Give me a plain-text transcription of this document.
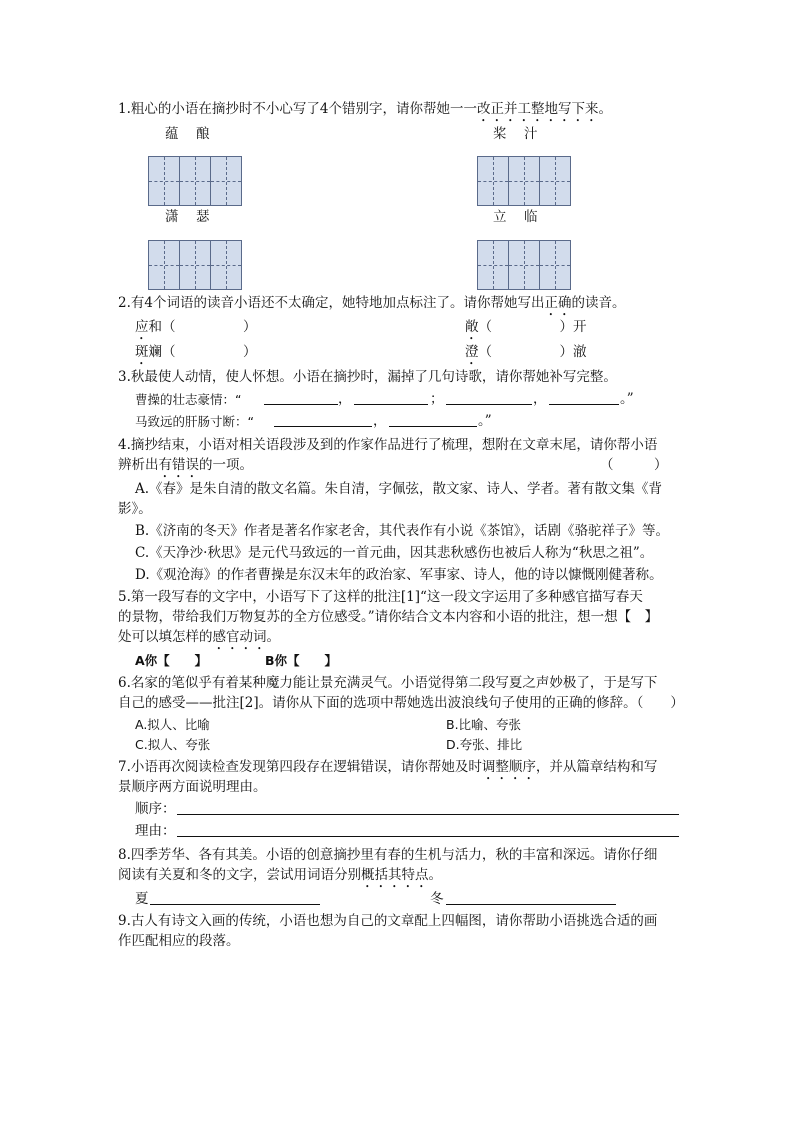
1.粗心的小语在摘抄时不小心写了4个错别字，请你帮她一一改正并工整地写下来。
蕴　酿	桨　汁
潇　瑟	立　临
2.有4个词语的读音小语还不太确定，她特地加点标注了。请你帮她写出正确的读音。
应和（　　　　　）	敞（　　　　　）开
斑斓（　　　　　）	澄（　　　　　）澈
3.秋最使人动情，使人怀想。小语在摘抄时，漏掉了几句诗歌，请你帮她补写完整。
曹操的壮志豪情：“	，	；	，	。”
马致远的肝肠寸断：“	，	。”
4.摘抄结束，小语对相关语段涉及到的作家作品进行了梳理，想附在文章末尾，请你帮小语
辨析出有错误的一项。	（　　　）
A.《春》是朱自清的散文名篇。朱自清，字佩弦，散文家、诗人、学者。著有散文集《背
影》。
B.《济南的冬天》作者是著名作家老舍，其代表作有小说《茶馆》，话剧《骆驼祥子》等。
C.《天净沙·秋思》是元代马致远的一首元曲，因其悲秋感伤也被后人称为“秋思之祖”。
D.《观沧海》的作者曹操是东汉末年的政治家、军事家、诗人，他的诗以慷慨刚健著称。
5.第一段写春的文字中，小语写下了这样的批注[1]“这一段文字运用了多种感官描写春天
的景物，带给我们万物复苏的全方位感受。”请你结合文本内容和小语的批注，想一想【　】
处可以填怎样的感官动词。
A你【　　】	B你【　　】
6.名家的笔似乎有着某种魔力能让景充满灵气。小语觉得第二段写夏之声妙极了，于是写下
自己的感受——批注[2]。请你从下面的选项中帮她选出波浪线句子使用的正确的修辞。（　　）
A.拟人、比喻	B.比喻、夸张
C.拟人、夸张	D.夸张、排比
7.小语再次阅读检查发现第四段存在逻辑错误，请你帮她及时调整顺序，并从篇章结构和写
景顺序两方面说明理由。
顺序：
理由：
8.四季芳华、各有其美。小语的创意摘抄里有春的生机与活力，秋的丰富和深远。请你仔细
阅读有关夏和冬的文字，尝试用词语分别概括其特点。
夏	冬
9.古人有诗文入画的传统，小语也想为自己的文章配上四幅图，请你帮助小语挑选合适的画
作匹配相应的段落。
